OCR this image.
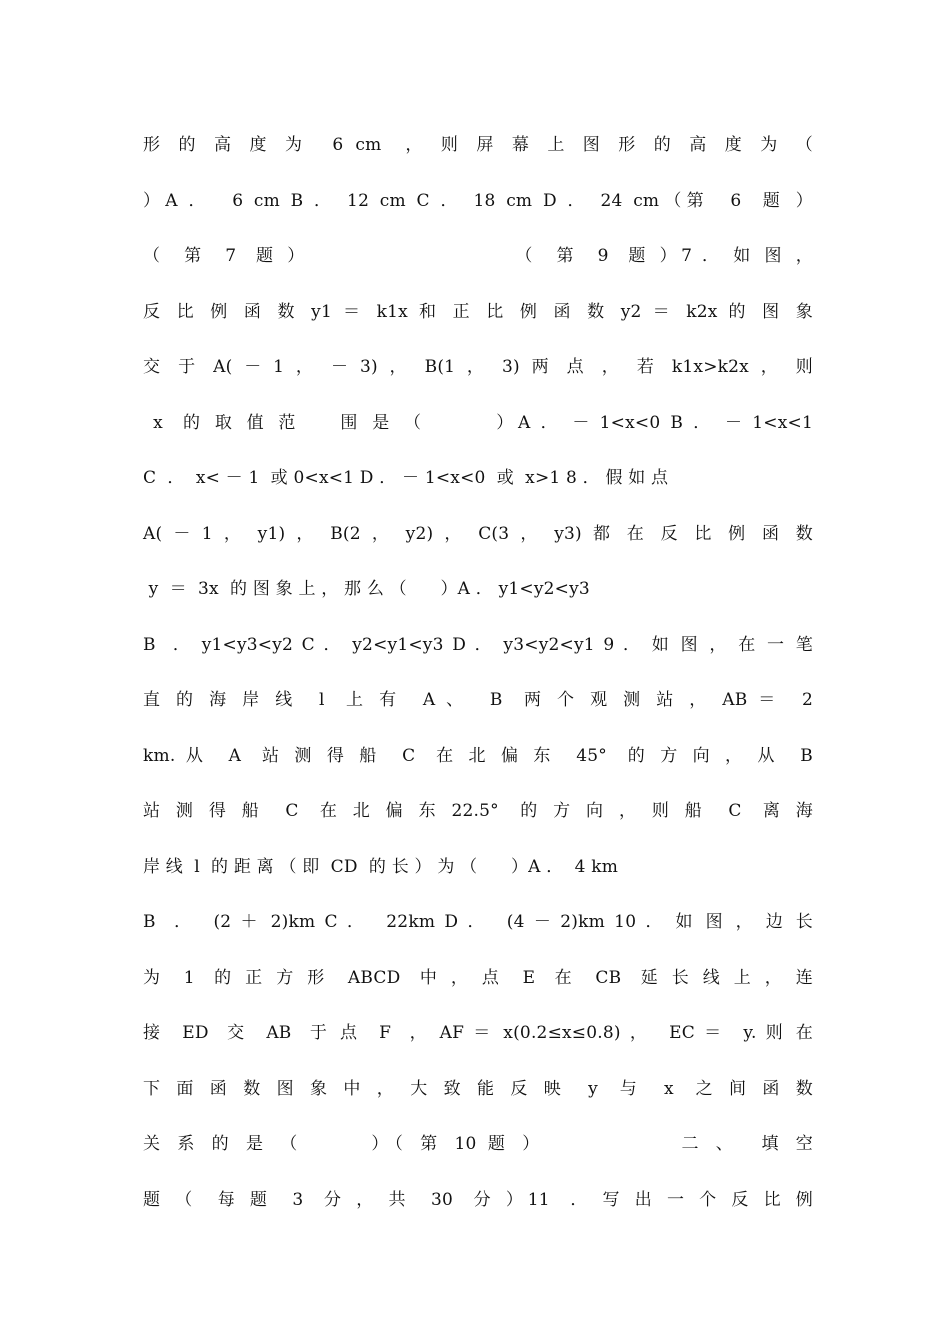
形 的 高 度 为  6 cm  ， 则 屏 幕 上 图 形 的 高 度 为 （
）A ．  6 cm B ． 12 cm C ． 18 cm D ． 24 cm（第  6  题 ）
（  第  7  题 ）                     （  第  9  题 ）7 ． 如 图 ，
反 比 例 函 数 y1 ＝ k1x 和 正 比 例 函 数 y2 ＝ k2x 的 图 象
交 于 A( － 1 ， － 3) ， B(1 ， 3) 两 点 ， 若 k1x>k2x ， 则
x  的 取 值 范    围 是 （       ）A ． － 1<x<0 B ． － 1<x<1
C  ．  x< － 1  或 0<x<1 D ． － 1<x<0  或  x>1 8 ． 假 如 点
A( － 1 ， y1) ， B(2 ， y2) ， C(3 ， y3) 都 在 反 比 例 函 数
y  ＝  3x  的 图 象 上 ， 那 么 （      ）A ． y1<y2<y3
B  ． y1<y3<y2 C ． y2<y1<y3 D ． y3<y2<y1 9 ． 如 图 ， 在 一 笔
直 的 海 岸 线  l  上 有  A 、  B  两 个 观 测 站 ， AB ＝  2
km. 从  A  站 测 得 船  C  在 北 偏 东  45°  的 方 向 ， 从  B
站 测 得 船  C  在 北 偏 东 22.5°  的 方 向 ， 则 船  C  离 海
岸 线  l  的 距 离 （ 即  CD  的 长 ） 为 （      ）A ．  4 km
B  ．  (2 ＋ 2)km C ．  22km D ．  (4 － 2)km 10 ． 如 图 ， 边 长
为  1  的 正 方 形  ABCD  中 ， 点  E  在  CB  延 长 线 上 ， 连
接  ED  交  AB  于 点  F  ， AF ＝ x(0.2≤x≤0.8) ，  EC ＝  y. 则 在
下 面 函 数 图 象 中 ， 大 致 能 反 映  y  与  x  之 间 函 数
关 系 的 是 （      ）（ 第 10 题 ）            二 、  填 空
题 （  每 题  3  分 ， 共  30  分 ）11  ． 写 出 一 个 反 比 例
